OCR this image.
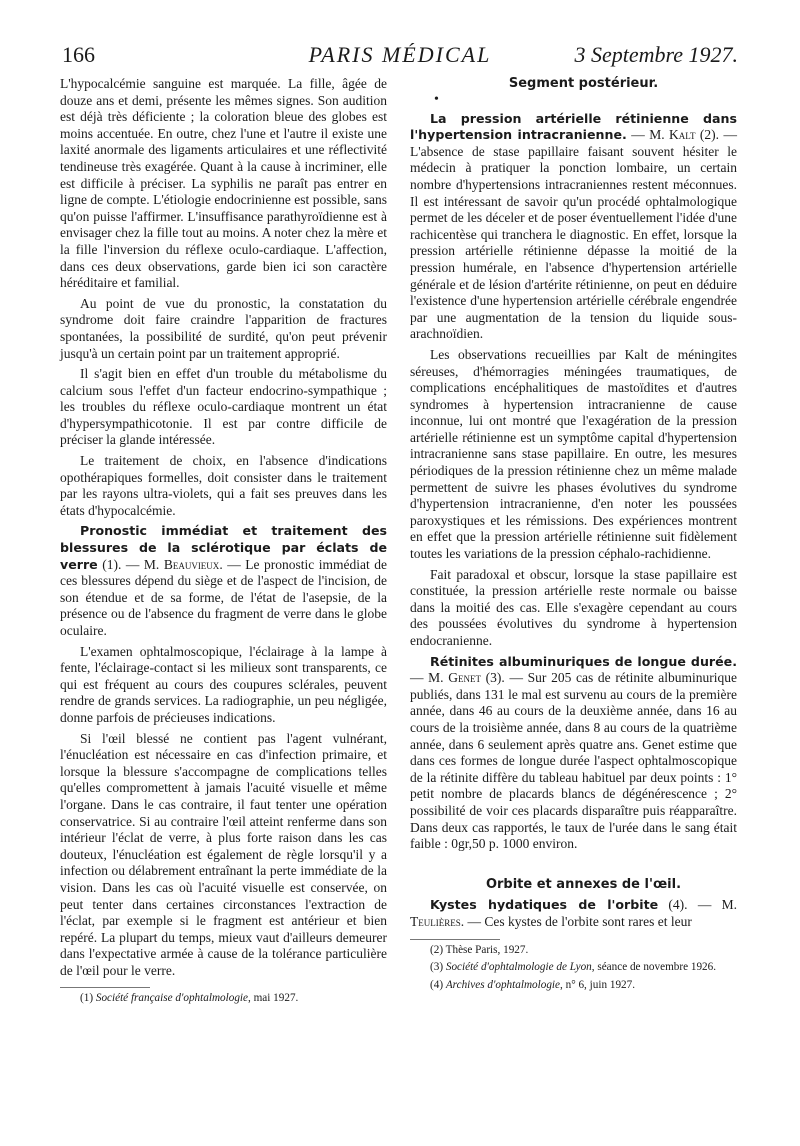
166	PARIS MÉDICAL	3 Septembre 1927.

L'hypocalcémie sanguine est marquée. La fille, âgée de douze ans et demi, présente les mêmes signes. Son audition est déjà très déficiente ; la coloration bleue des globes est moins accentuée. En outre, chez l'une et l'autre il existe une laxité anormale des ligaments articulaires et une réflectivité tendineuse très exagérée. Quant à la cause à incriminer, elle est difficile à préciser. La syphilis ne paraît pas entrer en ligne de compte. L'étiologie endocrinienne est possible, sans qu'on puisse l'affirmer. L'insuffisance parathyroïdienne est à envisager chez la fille tout au moins. A noter chez la mère et la fille l'inversion du réflexe oculo-cardiaque. L'affection, dans ces deux observations, garde bien ici son caractère héréditaire et familial.

Au point de vue du pronostic, la constatation du syndrome doit faire craindre l'apparition de fractures spontanées, la possibilité de surdité, qu'on peut prévenir jusqu'à un certain point par un traitement approprié.

Il s'agit bien en effet d'un trouble du métabolisme du calcium sous l'effet d'un facteur endocrino-sympathique ; les troubles du réflexe oculo-cardiaque montrent un état d'hypersympathicotonie. Il est par contre difficile de préciser la glande intéressée.

Le traitement de choix, en l'absence d'indications opothérapiques formelles, doit consister dans le traitement par les rayons ultra-violets, qui a fait ses preuves dans les états d'hypocalcémie.

Pronostic immédiat et traitement des blessures de la sclérotique par éclats de verre (1). — M. Beauvieux. — Le pronostic immédiat de ces blessures dépend du siège et de l'aspect de l'incision, de son étendue et de sa forme, de l'état de l'asepsie, de la présence ou de l'absence du fragment de verre dans le globe oculaire.

L'examen ophtalmoscopique, l'éclairage à la lampe à fente, l'éclairage-contact si les milieux sont transparents, ce qui est fréquent au cours des coupures sclérales, peuvent rendre de grands services. La radiographie, un peu négligée, donne parfois de précieuses indications.

Si l'œil blessé ne contient pas l'agent vulnérant, l'énucléation est nécessaire en cas d'infection primaire, et lorsque la blessure s'accompagne de complications telles qu'elles compromettent à jamais l'acuité visuelle et même l'organe. Dans le cas contraire, il faut tenter une opération conservatrice. Si au contraire l'œil atteint renferme dans son intérieur l'éclat de verre, à plus forte raison dans les cas douteux, l'énucléation est également de règle lorsqu'il y a infection ou délabrement entraînant la perte immédiate de la vision. Dans les cas où l'acuité visuelle est conservée, on peut tenter dans certaines circonstances l'extraction de l'éclat, par exemple si le fragment est antérieur et bien repéré. La plupart du temps, mieux vaut d'ailleurs demeurer dans l'expectative armée à cause de la tolérance particulière de l'œil pour le verre.

(1) Société française d'ophtalmologie, mai 1927.

Segment postérieur.

•

La pression artérielle rétinienne dans l'hypertension intracranienne. — M. Kalt (2). — L'absence de stase papillaire faisant souvent hésiter le médecin à pratiquer la ponction lombaire, un certain nombre d'hypertensions intracraniennes restent méconnues. Il est intéressant de savoir qu'un procédé ophtalmologique permet de les déceler et de poser éventuellement l'idée d'une rachicentèse qui tranchera le diagnostic. En effet, lorsque la pression artérielle rétinienne dépasse la moitié de la pression humérale, en l'absence d'hypertension artérielle générale et de lésion d'artérite rétinienne, on peut en déduire l'existence d'une hypertension artérielle cérébrale engendrée par une augmentation de la tension du liquide sous-arachnoïdien.

Les observations recueillies par Kalt de méningites séreuses, d'hémorragies méningées traumatiques, de complications encéphalitiques de mastoïdites et d'autres syndromes à hypertension intracranienne de cause inconnue, lui ont montré que l'exagération de la pression artérielle rétinienne est un symptôme capital d'hypertension intracranienne sans stase papillaire. En outre, les mesures périodiques de la pression rétinienne chez un même malade permettent de suivre les phases évolutives du syndrome d'hypertension intracranienne, d'en noter les poussées paroxystiques et les rémissions. Des expériences montrent en effet que la pression artérielle rétinienne suit fidèlement toutes les variations de la pression céphalo-rachidienne.

Fait paradoxal et obscur, lorsque la stase papillaire est constituée, la pression artérielle reste normale ou baisse dans la moitié des cas. Elle s'exagère cependant au cours des poussées évolutives du syndrome à hypertension endocranienne.

Rétinites albuminuriques de longue durée. — M. Genet (3). — Sur 205 cas de rétinite albuminurique publiés, dans 131 le mal est survenu au cours de la première année, dans 46 au cours de la deuxième année, dans 16 au cours de la troisième année, dans 8 au cours de la quatrième année, dans 6 seulement après quatre ans. Genet estime que dans ces formes de longue durée l'aspect ophtalmoscopique de la rétinite diffère du tableau habituel par deux points : 1° petit nombre de placards blancs de dégénérescence ; 2° possibilité de voir ces placards disparaître puis réapparaître. Dans deux cas rapportés, le taux de l'urée dans le sang était faible : 0gr,50 p. 1000 environ.

Orbite et annexes de l'œil.

Kystes hydatiques de l'orbite (4). — M. Teulières. — Ces kystes de l'orbite sont rares et leur

(2) Thèse Paris, 1927.

(3) Société d'ophtalmologie de Lyon, séance de novembre 1926.

(4) Archives d'ophtalmologie, n° 6, juin 1927.
